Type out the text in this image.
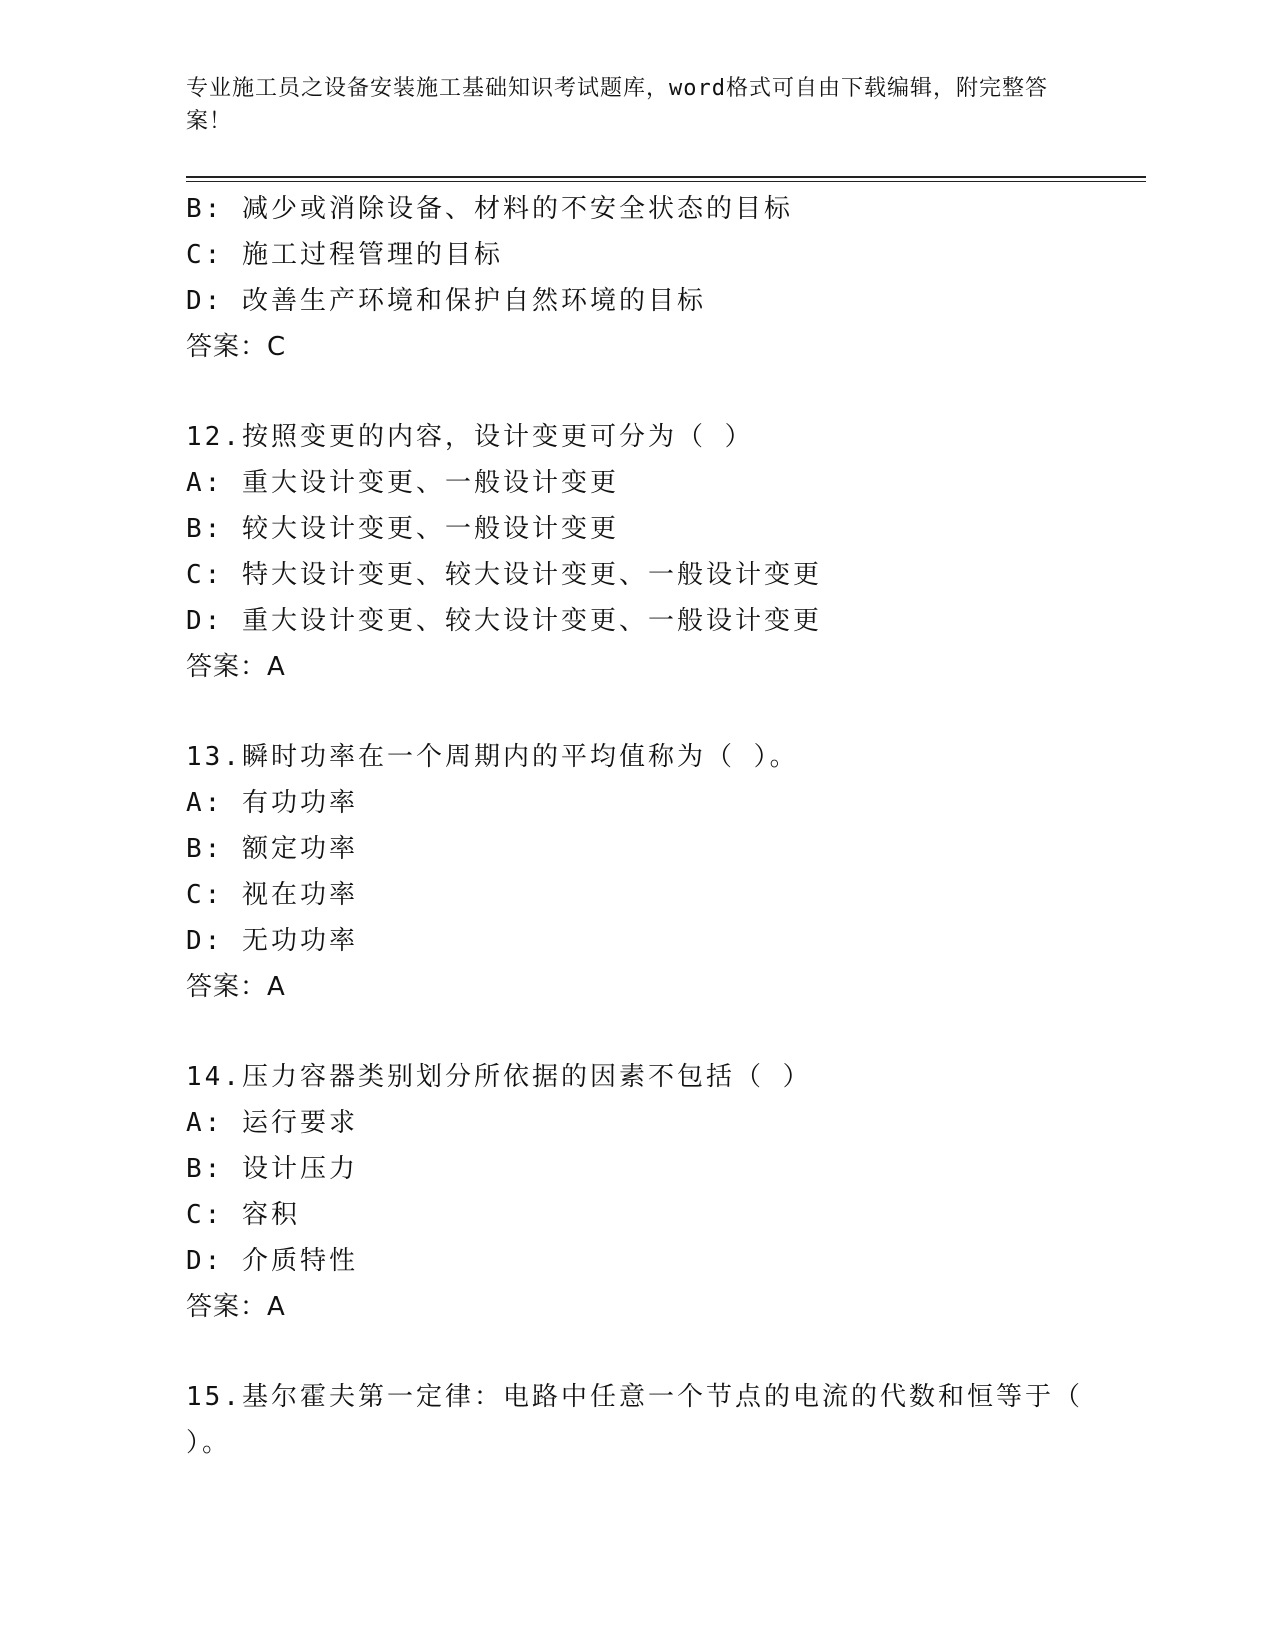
专业施工员之设备安装施工基础知识考试题库，word格式可自由下载编辑，附完整答案！

B: 减少或消除设备、材料的不安全状态的目标
C: 施工过程管理的目标
D: 改善生产环境和保护自然环境的目标
答案：C
12.按照变更的内容，设计变更可分为（ ）
A: 重大设计变更、一般设计变更
B: 较大设计变更、一般设计变更
C: 特大设计变更、较大设计变更、一般设计变更
D: 重大设计变更、较大设计变更、一般设计变更
答案：A
13.瞬时功率在一个周期内的平均值称为（ ）。
A: 有功功率
B: 额定功率
C: 视在功率
D: 无功功率
答案：A
14.压力容器类别划分所依据的因素不包括（ ）
A: 运行要求
B: 设计压力
C: 容积
D: 介质特性
答案：A
15.基尔霍夫第一定律：电路中任意一个节点的电流的代数和恒等于（ ）。
